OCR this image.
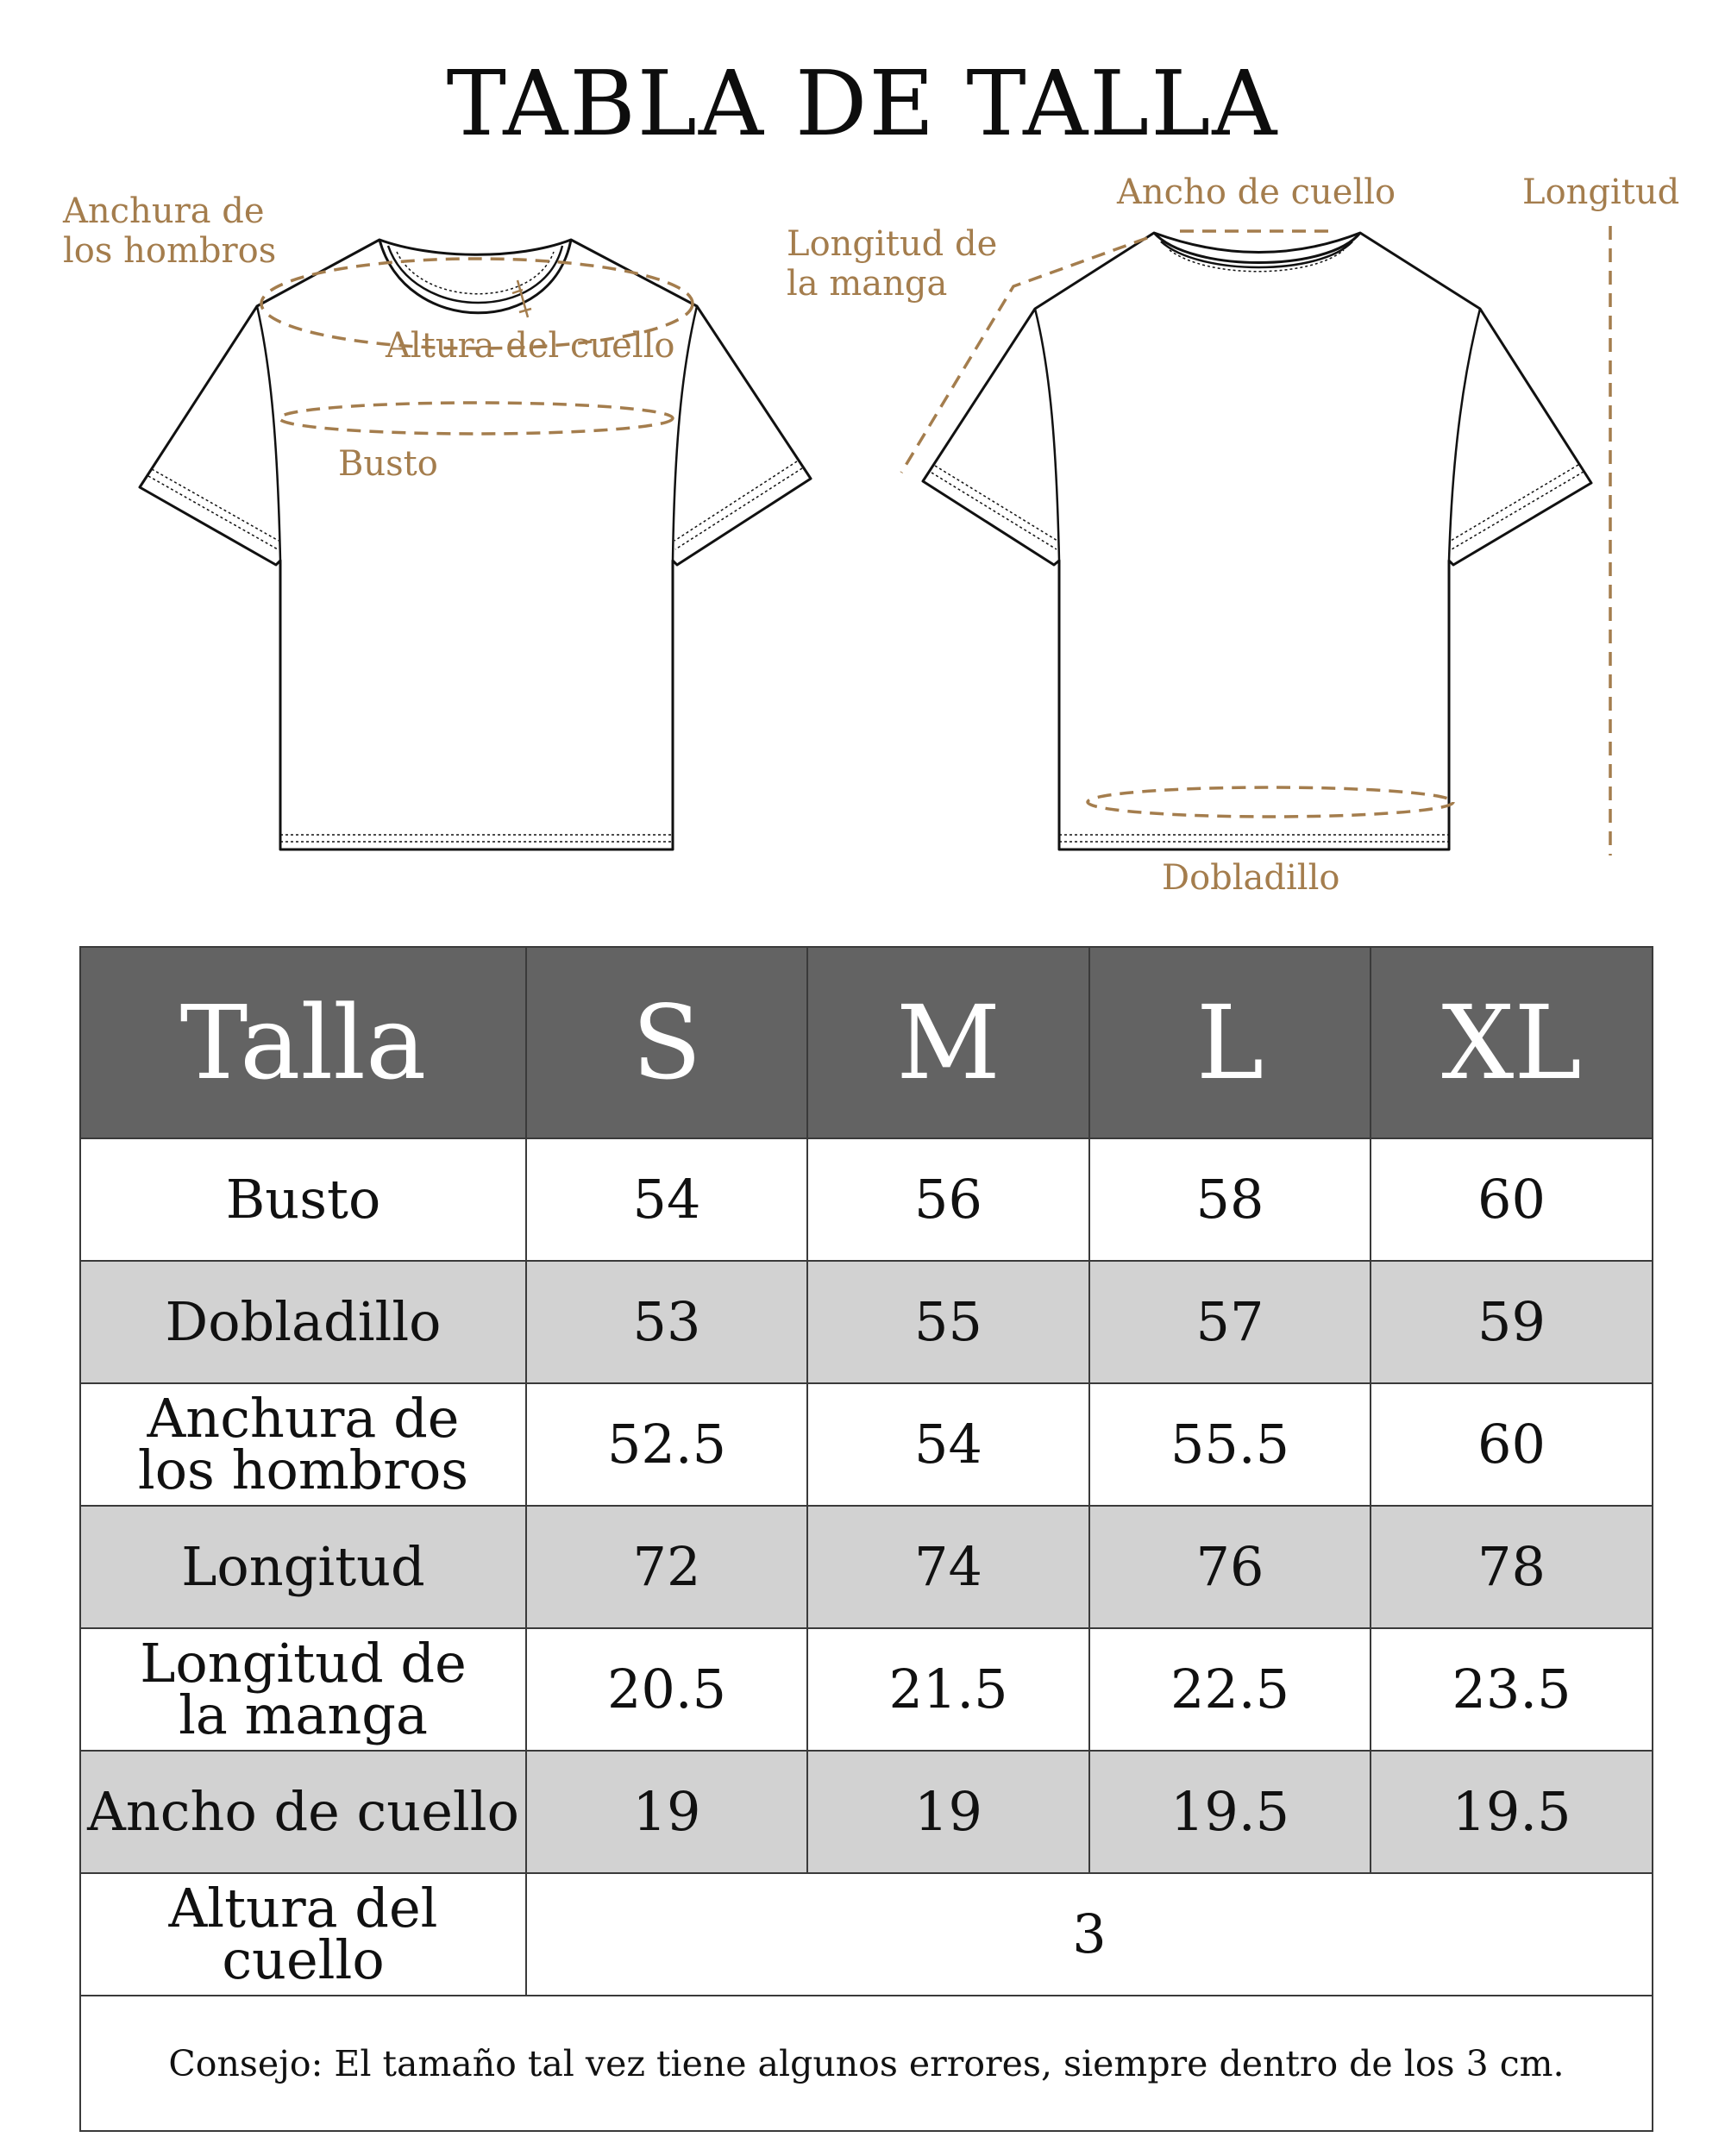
TABLA DE TALLA
Anchura de
los hombros
Altura del cuello
Busto
Longitud de
la manga
Ancho de cuello	Longitud
Dobladillo
Talla	S	M	L	XL
Busto	54	56	58	60
Dobladillo	53	55	57	59

Anchura de
los hombros	52.5	54	55.5	60
Longitud	72	74	76	78

Longitud de
la manga	20.5	21.5	22.5	23.5
Ancho de cuello	19	19	19.5	19.5

Altura del
cuello	3			
Consejo: El tamaño tal vez tiene algunos errores, siempre dentro de los 3 cm.				
